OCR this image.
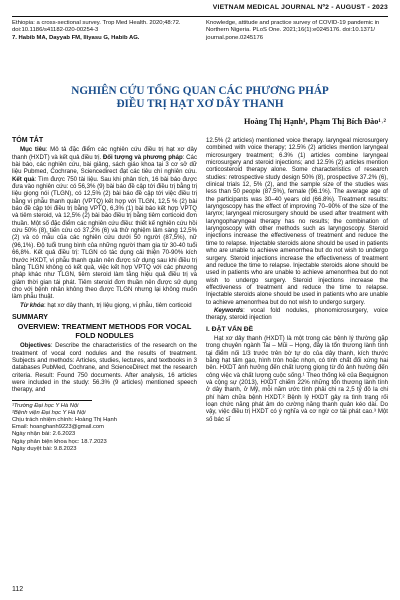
VIETNAM MEDICAL JOURNAL Nº2 - AUGUST - 2023

Ethiopia: a cross-sectional survey. Trop Med Health. 2020;48:72. doi:10.1186/s41182-020-00254-3

7. Habib MA, Dayyab FM, Iliyasu G, Habib AG.

Knowledge, attitude and practice survey of COVID-19 pandemic in Northern Nigeria. PLoS One. 2021;16(1):e0245176. doi:10.1371/ journal.pone.0245176

NGHIÊN CỨU TỔNG QUAN CÁC PHƯƠNG PHÁP
ĐIỀU TRỊ HẠT XƠ DÂY THANH
Hoàng Thị Hạnh¹, Phạm Thị Bích Đào¹˒²
TÓM TẮT

Mục tiêu: Mô tả đặc điểm các nghiên cứu điều trị hạt xơ dây thanh (HXDT) và kết quả điều trị. Đối tượng và phương pháp: Các bài báo, các nghiên cứu, bài giảng, sách giáo khoa tại 3 cơ sở dữ liệu Pubmed, Cochrane, Sciencedirect đạt các tiêu chí nghiên cứu. Kết quả: Tìm được 750 tài liệu. Sau khi phân tích, 16 bài báo được đưa vào nghiên cứu: có 56,3% (9) bài báo đề cập tới điều trị bằng trị liệu giọng nói (TLGN), có 12,5% (2) bài báo đề cập tới việc điều trị bằng vi phẫu thanh quản (VPTQ) kết hợp với TLGN, 12,5 % (2) bài báo đề cập tới điều trị bằng VPTQ, 6,3% (1) bài báo kết hợp VPTQ và tiêm steroid, và 12,5% (2) bài báo điều trị bằng tiêm corticoid đơn thuần. Một số đặc điểm các nghiên cứu điều: thiết kế nghiên cứu hồi cứu 50% (8), tiến cứu có 37,2% (6) và thử nghiệm lâm sàng 12,5% (2) và có mẫu của các nghiên cứu dưới 50 người (87,5%), nữ (96,1%). Độ tuổi trung bình của những người tham gia từ 30-40 tuổi 66,8%. Kết quả điều trị: TLGN có tác dụng cải thiện 70-90% kích thước HXDT, vi phẫu thanh quản nên được sử dụng sau khi điều trị bằng TLGN không có kết quả, việc kết hợp VPTQ với các phương pháp khác như TLGN, tiêm steroid làm tăng hiệu quả điều trị và giảm thời gian tái phát. Tiêm steroid đơn thuần nên được sử dụng cho với bệnh nhân không theo được TLGN nhưng lại không muốn làm phẫu thuật.

Từ khóa: hạt xơ dây thanh, trị liệu giọng, vi phẫu, tiêm corticoid

SUMMARY
OVERVIEW: TREATMENT METHODS FOR VOCAL FOLD NODULES

Objectives: Describe the characteristics of the research on the treatment of vocal cord nodules and the results of treatment. Subjects and methods: Articles, studies, lectures, and textbooks in 3 databases PubMed, Cochrane, and ScienceDirect met the research criteria. Result: Found 750 documents. After analysis, 16 articles were included in the study: 56.3% (9 articles) mentioned speech therapy, and

¹Trường Đại học Y Hà Nội

²Bệnh viện Đại học Y Hà Nội

Chịu trách nhiệm chính: Hoàng Thị Hạnh

Email: hoanghanh9223@gmail.com

Ngày nhận bài: 2.6.2023

Ngày phản biện khoa học: 18.7.2023

Ngày duyệt bài: 9.8.2023

12.5% (2 articles) mentioned voice therapy. laryngeal microsurgery combined with voice therapy; 12.5% (2) articles mention laryngeal microsurgery treatment; 6.3% (1) articles combine laryngeal microsurgery and steroid injections; and 12.5% (2) articles mention corticosteroid therapy alone. Some characteristics of research studies: retrospective study design 50% (8), prospective 37.2% (6), clinical trials 12, 5% (2), and the sample size of the studies was less than 50 people (87.5%), female (96.1%). The average age of the participants was 30–40 years old (66.8%). Treatment results: laryngoscopy has the effect of improving 70–90% of the size of the larynx; laryngeal microsurgery should be used after treatment with laryngopharyngeal therapy has no results; the combination of laryngoscopy with other methods such as laryngoscopy. Steroid injections increase the effectiveness of treatment and reduce the time to relapse. Injectable steroids alone should be used in patients who are unable to achieve amenorrhea but do not wish to undergo surgery. Steroid injections increase the effectiveness of treatment and reduce the time to relapse. Injectable steroids alone should be used in patients who are unable to achieve amenorrhea but do not wish to undergo surgery. Steroid injections increase the effectiveness of treatment and reduce the time to relapse. Injectable steroids alone should be used in patients who are unable to achieve amenorrhea but do not wish to undergo surgery.

Keywords: vocal fold nodules, phonomicrosurgery, voice therapy, steroid injection

I. ĐẶT VẤN ĐỀ

Hạt xơ dây thanh (HXDT) là một trong các bệnh lý thường gặp trong chuyên ngành Tai – Mũi – Họng, đây là tổn thương lành tính tại điểm nối 1/3 trước trên bờ tự do của dây thanh, kích thước bằng hạt tấm gạo, hình tròn hoặc nhọn, có tính chất đối xứng hai bên. HXDT ảnh hưởng đến chất lượng giọng từ đó ảnh hưởng đến công việc và chất lượng cuộc sống.¹ Theo thống kê của Bequignon và cộng sự (2013), HXDT chiếm 22% những tổn thương lành tính ở dây thanh, ở Mỹ, mỗi năm ước tính phải chi ra 2,5 tỷ đô la chi phí hàm chữa bệnh HXDT.² Bệnh lý HXDT gây ra tình trạng rối loạn chức năng phát âm do cường năng thanh quản kéo dài. Do vậy, việc điều trị HXDT có ý nghĩa và cơ ngừ cơ tái phát cao.³ Một số bác sĩ

112
